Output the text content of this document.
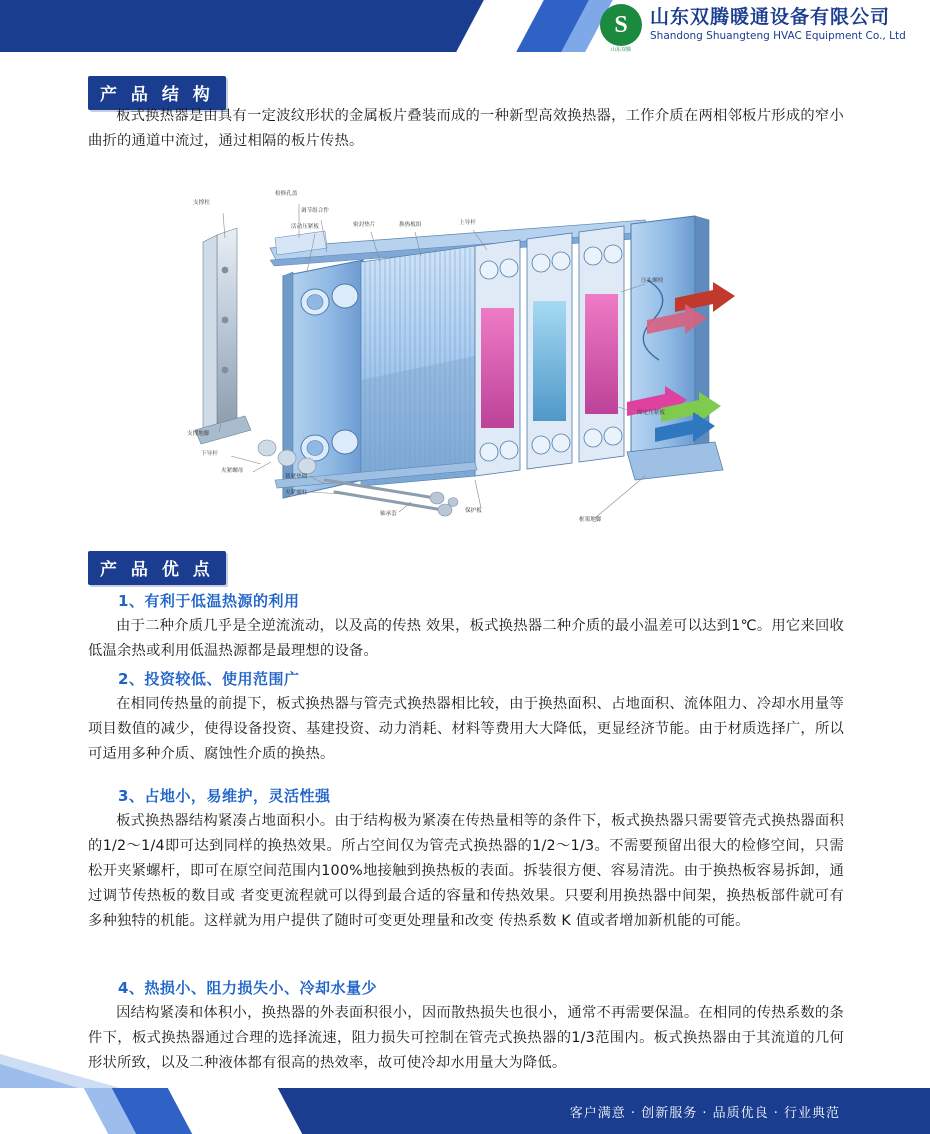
S
山东双腾
山东双腾暖通设备有限公司
Shandong Shuangteng HVAC Equipment Co., Ltd
产 品 结 构
板式换热器是由具有一定波纹形状的金属板片叠装而成的一种新型高效换热器，工作介质在两相邻板片形成的窄小曲折的通道中流过，通过相隔的板片传热。
支撑柱
检修孔盖
调节组合件
活动压紧板	密封垫片	换热板组	上导杆
压头螺栓
固定压紧板
支撑地脚
下导杆
夹紧螺母
锁紧垫圈
夹紧螺柱
轴承套	保护板
框架地脚
产 品 优 点
1、有利于低温热源的利用
由于二种介质几乎是全逆流流动，以及高的传热 效果，板式换热器二种介质的最小温差可以达到1℃。用它来回收低温余热或利用低温热源都是最理想的设备。
2、投资较低、使用范围广
在相同传热量的前提下，板式换热器与管壳式换热器相比较，由于换热面积、占地面积、流体阻力、冷却水用量等项目数值的减少，使得设备投资、基建投资、动力消耗、材料等费用大大降低，更显经济节能。由于材质选择广，所以可适用多种介质、腐蚀性介质的换热。
3、占地小，易维护，灵活性强
板式换热器结构紧凑占地面积小。由于结构极为紧凑在传热量相等的条件下，板式换热器只需要管壳式换热器面积的1/2～1/4即可达到同样的换热效果。所占空间仅为管壳式换热器的1/2～1/3。不需要预留出很大的检修空间，只需松开夹紧螺杆，即可在原空间范围内100%地接触到换热板的表面。拆装很方便、容易清洗。由于换热板容易拆卸，通过调节传热板的数目或 者变更流程就可以得到最合适的容量和传热效果。只要利用换热器中间架，换热板部件就可有多种独特的机能。这样就为用户提供了随时可变更处理量和改变 传热系数 K 值或者增加新机能的可能。
4、热损小、阻力损失小、冷却水量少
因结构紧凑和体积小，换热器的外表面积很小，因而散热损失也很小，通常不再需要保温。在相同的传热系数的条件下，板式换热器通过合理的选择流速，阻力损失可控制在管壳式换热器的1/3范围内。板式换热器由于其流道的几何形状所致，以及二种液体都有很高的热效率，故可使冷却水用量大为降低。
客户满意 · 创新服务 · 品质优良 · 行业典范
